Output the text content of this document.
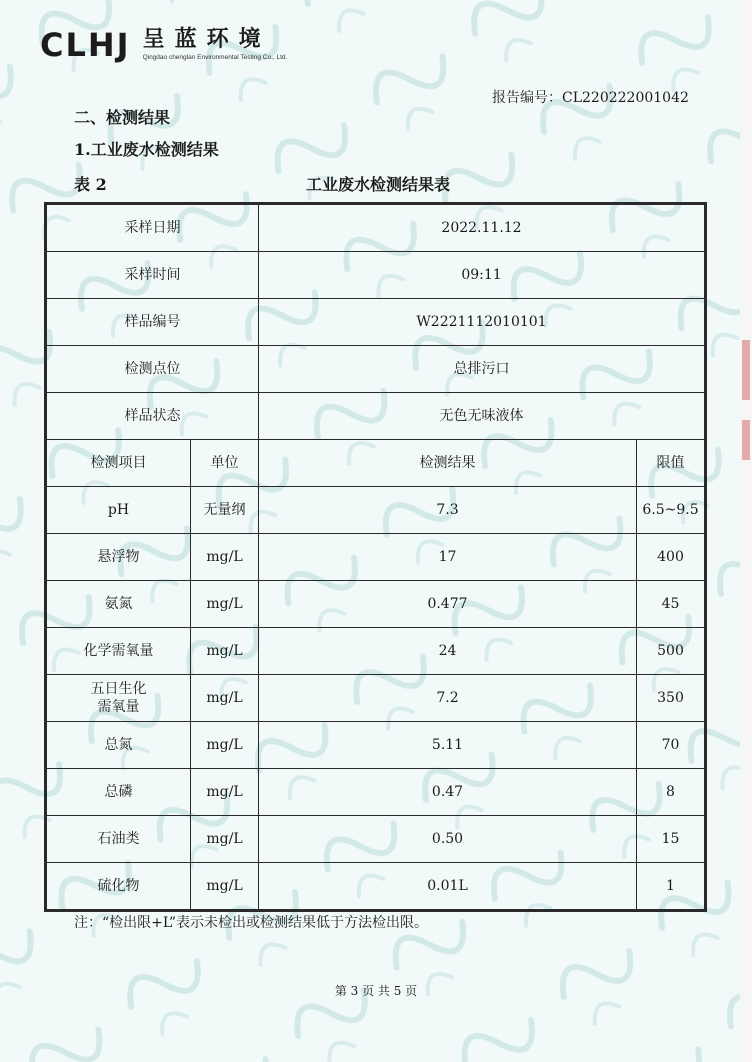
CLHJ 呈蓝环境
Qingdao chenglan Environmental Testing Co., Ltd.
报告编号：CL220222001042
二、检测结果
1.工业废水检测结果
表 2	工业废水检测结果表
采样日期		2022.11.12	
采样时间		09:11	
样品编号		W2221112010101	
检测点位		总排污口	
样品状态		无色无味液体	
检测项目	单位	检测结果	限值
pH	无量纲	7.3	6.5~9.5
悬浮物	mg/L	17	400
氨氮	mg/L	0.477	45
化学需氧量	mg/L	24	500
五日生化
需氧量	mg/L	7.2	350
总氮	mg/L	5.11	70
总磷	mg/L	0.47	8
石油类	mg/L	0.50	15
硫化物	mg/L	0.01L	1
注：“检出限+L”表示未检出或检测结果低于方法检出限。
第 3 页 共 5 页
